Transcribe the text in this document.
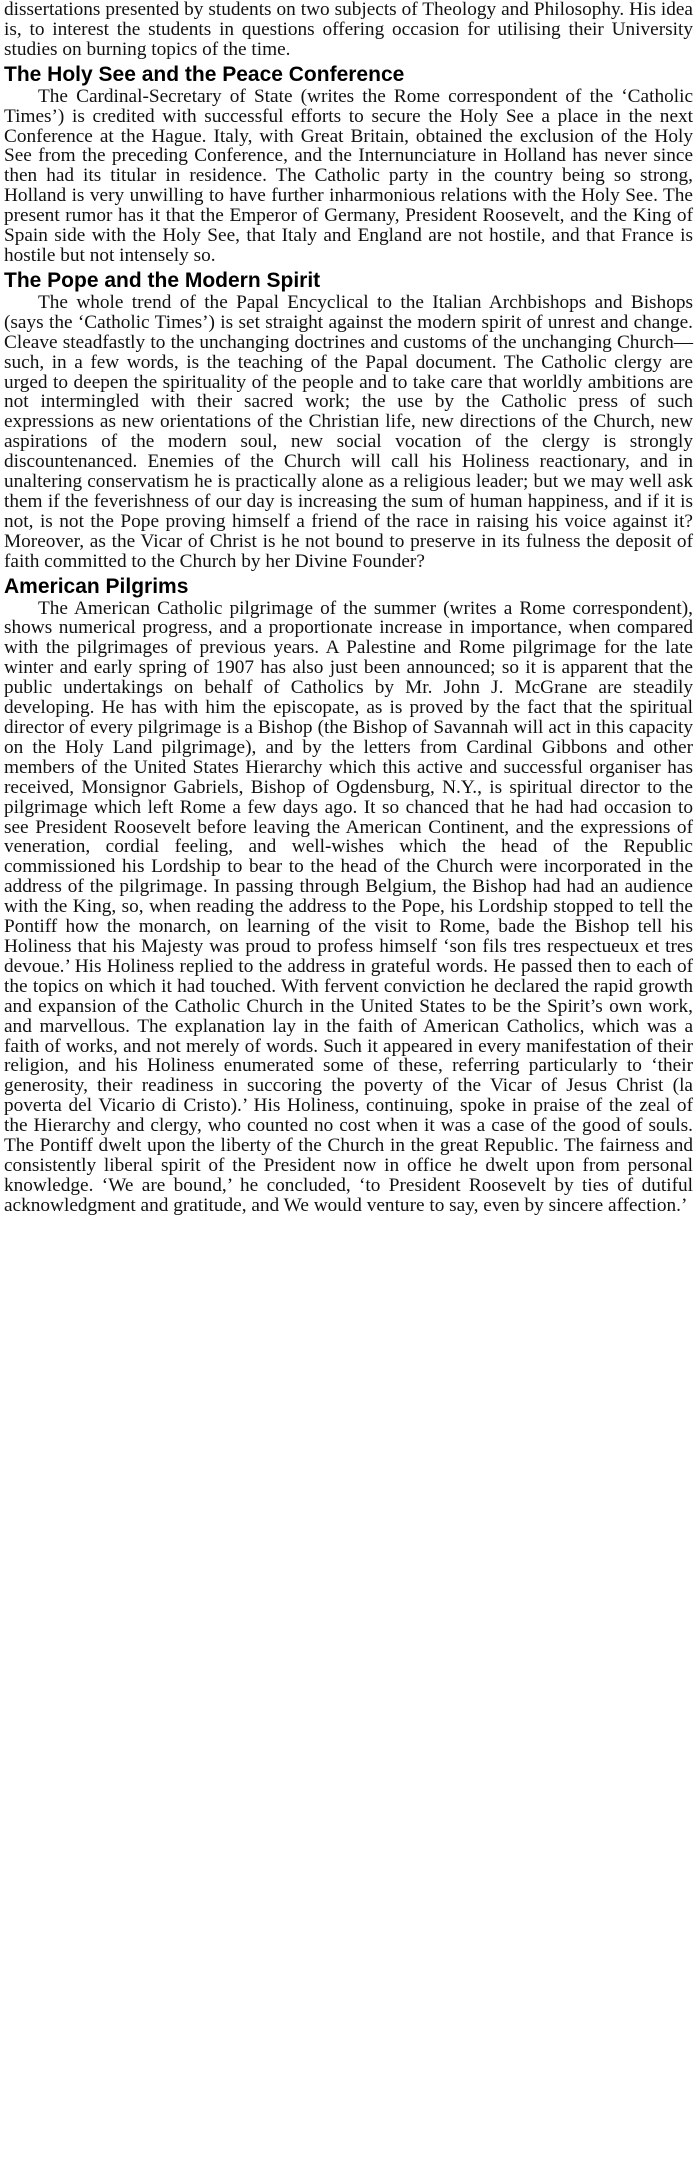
dissertations presented by students on two subjects of Theology and Philosophy. His idea is, to interest the students in questions offering occasion for utilising their University studies on burning topics of the time.

The Holy See and the Peace Conference

The Cardinal-Secretary of State (writes the Rome correspondent of the ‘Catholic Times’) is credited with successful efforts to secure the Holy See a place in the next Conference at the Hague. Italy, with Great Britain, obtained the exclusion of the Holy See from the preceding Conference, and the Internunciature in Holland has never since then had its titular in residence. The Catholic party in the country being so strong, Holland is very unwilling to have further inharmonious relations with the Holy See. The present rumor has it that the Emperor of Germany, President Roosevelt, and the King of Spain side with the Holy See, that Italy and England are not hostile, and that France is hostile but not intensely so.

The Pope and the Modern Spirit

The whole trend of the Papal Encyclical to the Italian Archbishops and Bishops (says the ‘Catholic Times’) is set straight against the modern spirit of unrest and change. Cleave steadfastly to the unchanging doctrines and customs of the unchanging Church—such, in a few words, is the teaching of the Papal document. The Catholic clergy are urged to deepen the spirituality of the people and to take care that worldly ambitions are not intermingled with their sacred work; the use by the Catholic press of such expressions as new orientations of the Christian life, new directions of the Church, new aspirations of the modern soul, new social vocation of the clergy is strongly discountenanced. Enemies of the Church will call his Holiness reactionary, and in unaltering conservatism he is practically alone as a religious leader; but we may well ask them if the feverishness of our day is increasing the sum of human happiness, and if it is not, is not the Pope proving himself a friend of the race in raising his voice against it? Moreover, as the Vicar of Christ is he not bound to preserve in its fulness the deposit of faith committed to the Church by her Divine Founder?

American Pilgrims

The American Catholic pilgrimage of the summer (writes a Rome correspondent), shows numerical progress, and a proportionate increase in importance, when compared with the pilgrimages of previous years. A Palestine and Rome pilgrimage for the late winter and early spring of 1907 has also just been announced; so it is apparent that the public undertakings on behalf of Catholics by Mr. John J. McGrane are steadily developing. He has with him the episcopate, as is proved by the fact that the spiritual director of every pilgrimage is a Bishop (the Bishop of Savannah will act in this capacity on the Holy Land pilgrimage), and by the letters from Cardinal Gibbons and other members of the United States Hierarchy which this active and successful organiser has received, Monsignor Gabriels, Bishop of Ogdensburg, N.Y., is spiritual director to the pilgrimage which left Rome a few days ago. It so chanced that he had had occasion to see President Roosevelt before leaving the American Continent, and the expressions of veneration, cordial feeling, and well-wishes which the head of the Republic commissioned his Lordship to bear to the head of the Church were incorporated in the address of the pilgrimage. In passing through Belgium, the Bishop had had an audience with the King, so, when reading the address to the Pope, his Lordship stopped to tell the Pontiff how the monarch, on learning of the visit to Rome, bade the Bishop tell his Holiness that his Majesty was proud to profess himself ‘son fils tres respectueux et tres devoue.’ His Holiness replied to the address in grateful words. He passed then to each of the topics on which it had touched. With fervent conviction he declared the rapid growth and expansion of the Catholic Church in the United States to be the Spirit’s own work, and marvellous. The explanation lay in the faith of American Catholics, which was a faith of works, and not merely of words. Such it appeared in every manifestation of their religion, and his Holiness enumerated some of these, referring particularly to ‘their generosity, their readiness in succoring the poverty of the Vicar of Jesus Christ (la poverta del Vicario di Cristo).’ His Holiness, continuing, spoke in praise of the zeal of the Hierarchy and clergy, who counted no cost when it was a case of the good of souls. The Pontiff dwelt upon the liberty of the Church in the great Republic. The fairness and consistently liberal spirit of the President now in office he dwelt upon from personal knowledge. ‘We are bound,’ he concluded, ‘to President Roosevelt by ties of dutiful acknowledgment and gratitude, and We would venture to say, even by sincere affection.’
